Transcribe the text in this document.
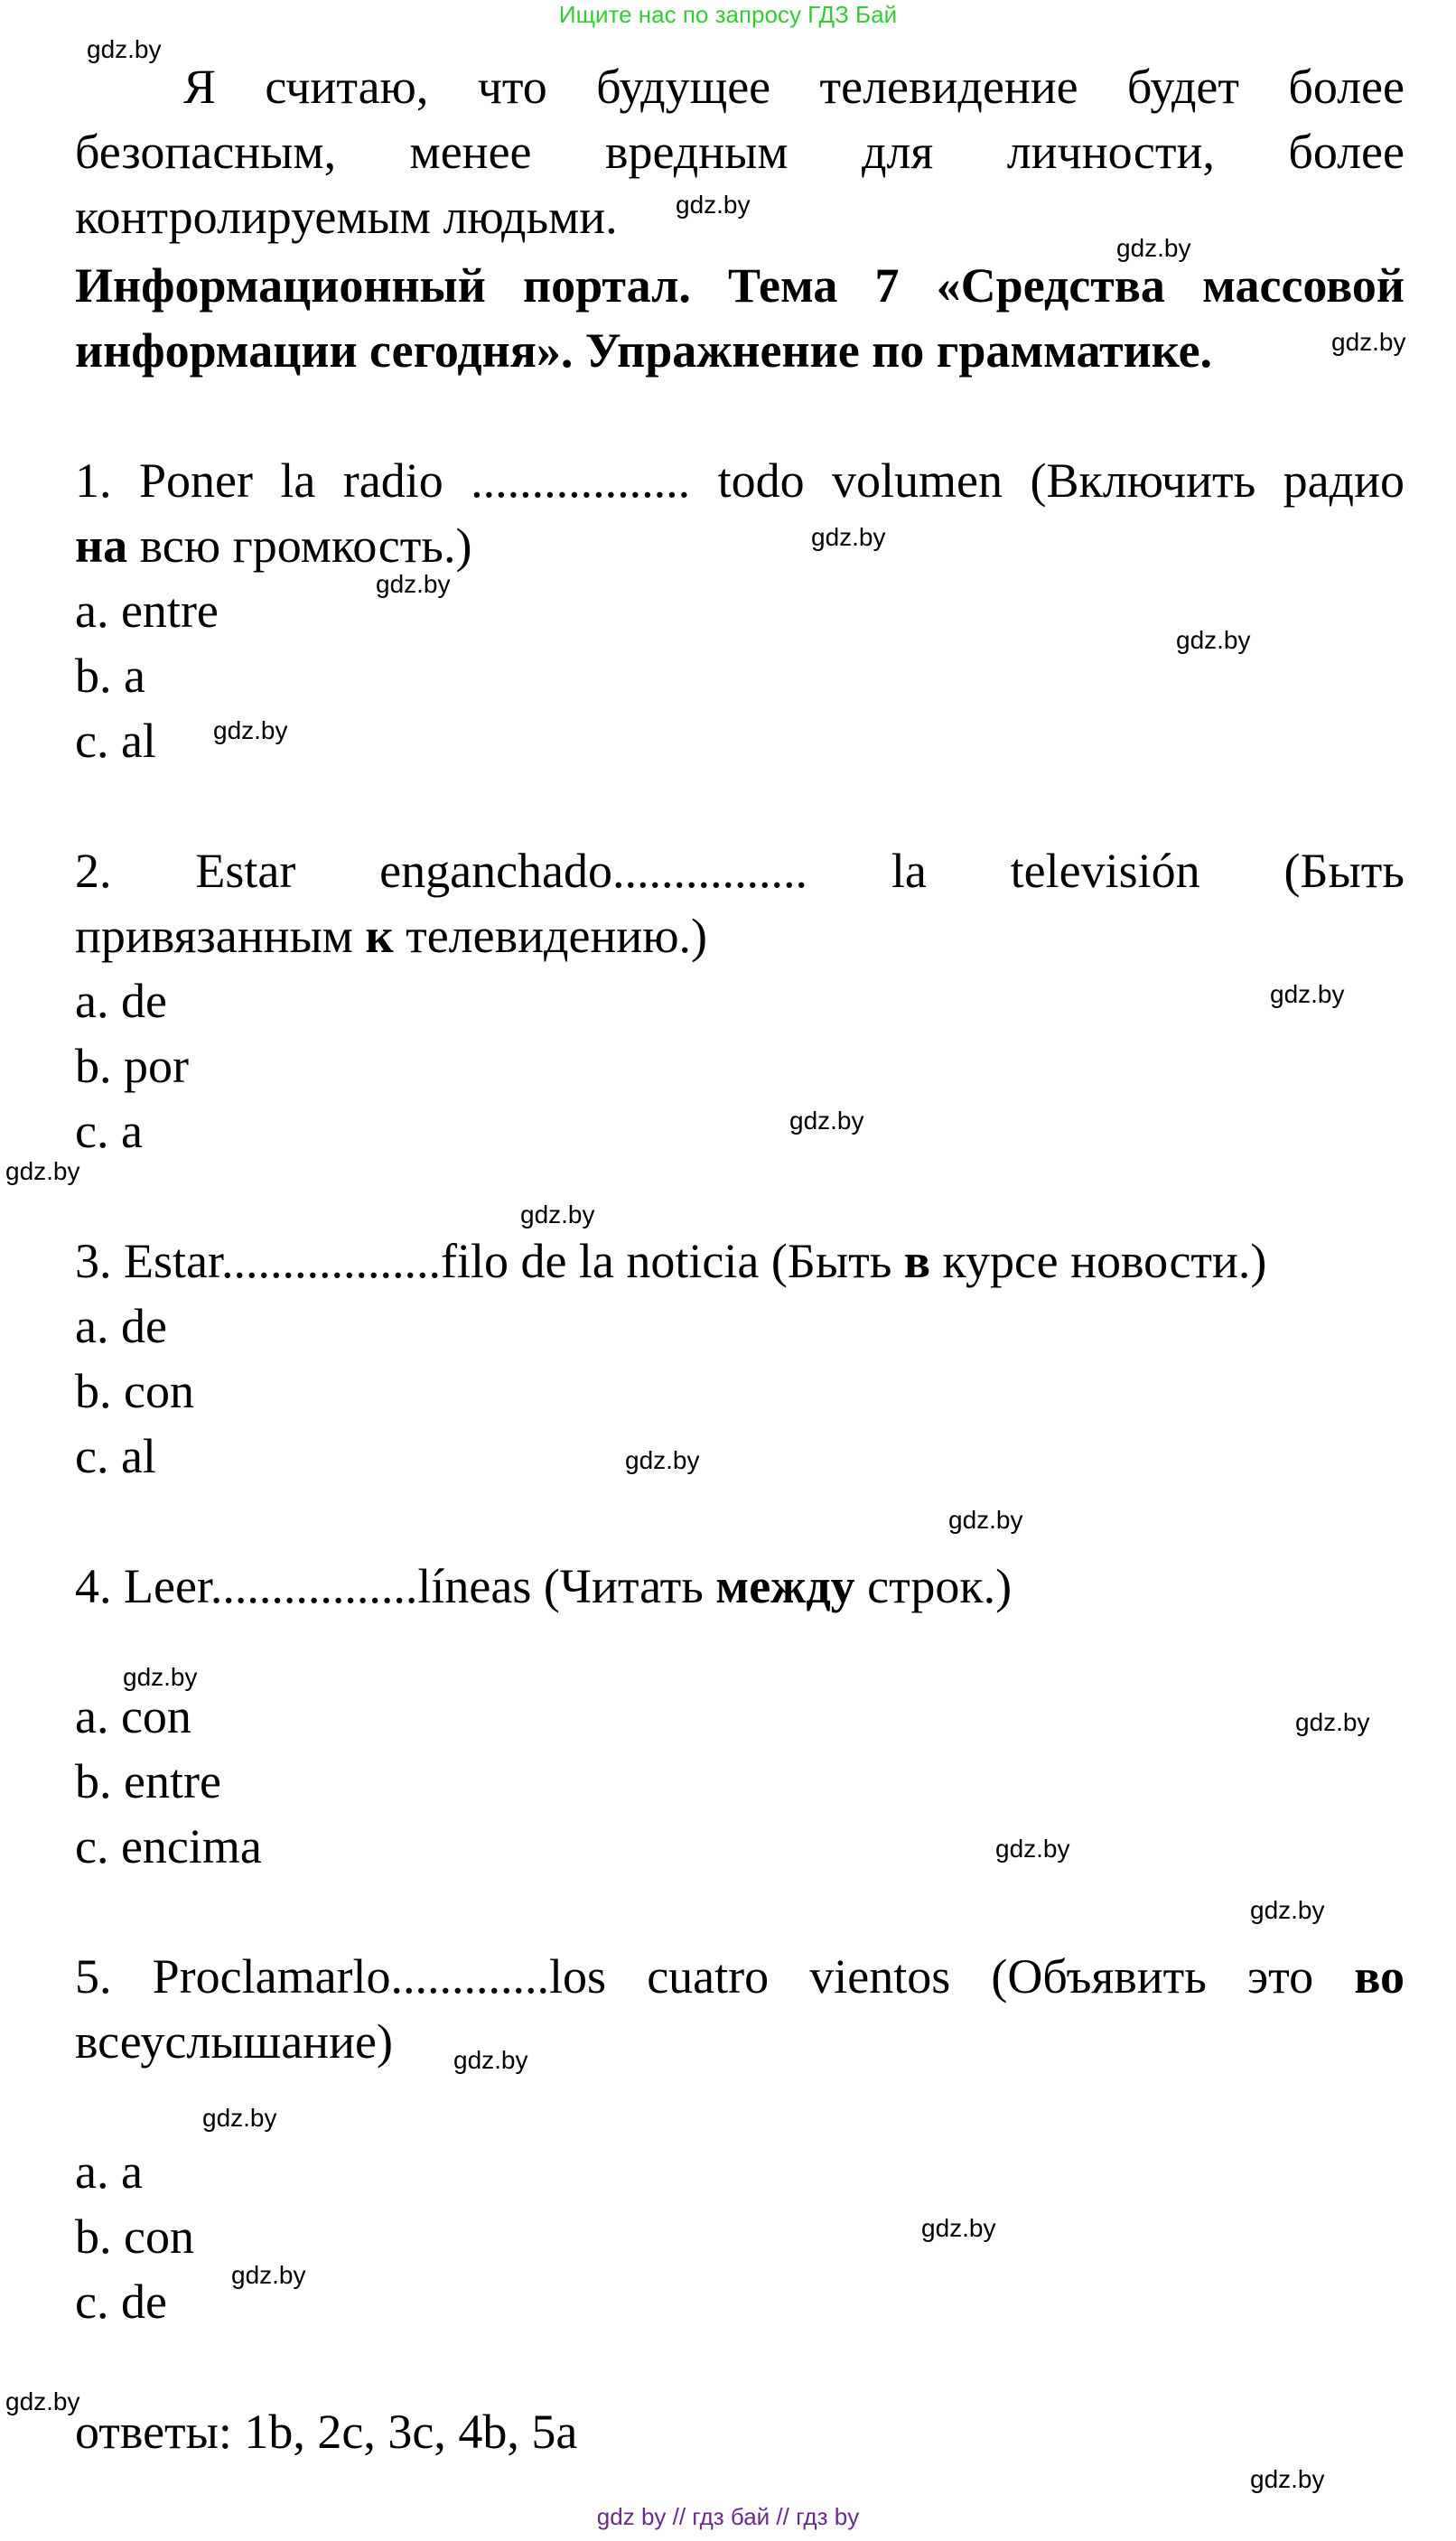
Ищите нас по запросу ГДЗ Бай
Я считаю, что будущее телевидение будет более безопасным, менее вредным для личности, более контролируемым людьми.
Информационный портал. Тема 7 «Средства массовой
информации сегодня». Упражнение по грамматике.
1. Poner la radio .................. todo volumen (Включить радио
на всю громкость.)
a. entre
b. a
c. al
2. Estar enganchado................ la televisión (Быть
привязанным к телевидению.)
a. de
b. por
c. a
3. Estar..................filo de la noticia (Быть в курсе новости.)
a. de
b. con
c. al
4. Leer.................líneas (Читать между строк.)
a. con
b. entre
c. encima
5. Proclamarlo.............los cuatro vientos (Объявить это во
всеуслышание)
a. a
b. con
c. de
ответы: 1b, 2c, 3c, 4b, 5a
gdz.by
gdz.by
gdz.by
gdz.by
gdz.by
gdz.by
gdz.by
gdz.by
gdz.by
gdz.by
gdz.by
gdz.by
gdz.by
gdz.by
gdz.by
gdz.by
gdz.by
gdz.by
gdz.by
gdz.by
gdz.by
gdz.by
gdz.by
gdz.by
gdz by // гдз бай // гдз by
